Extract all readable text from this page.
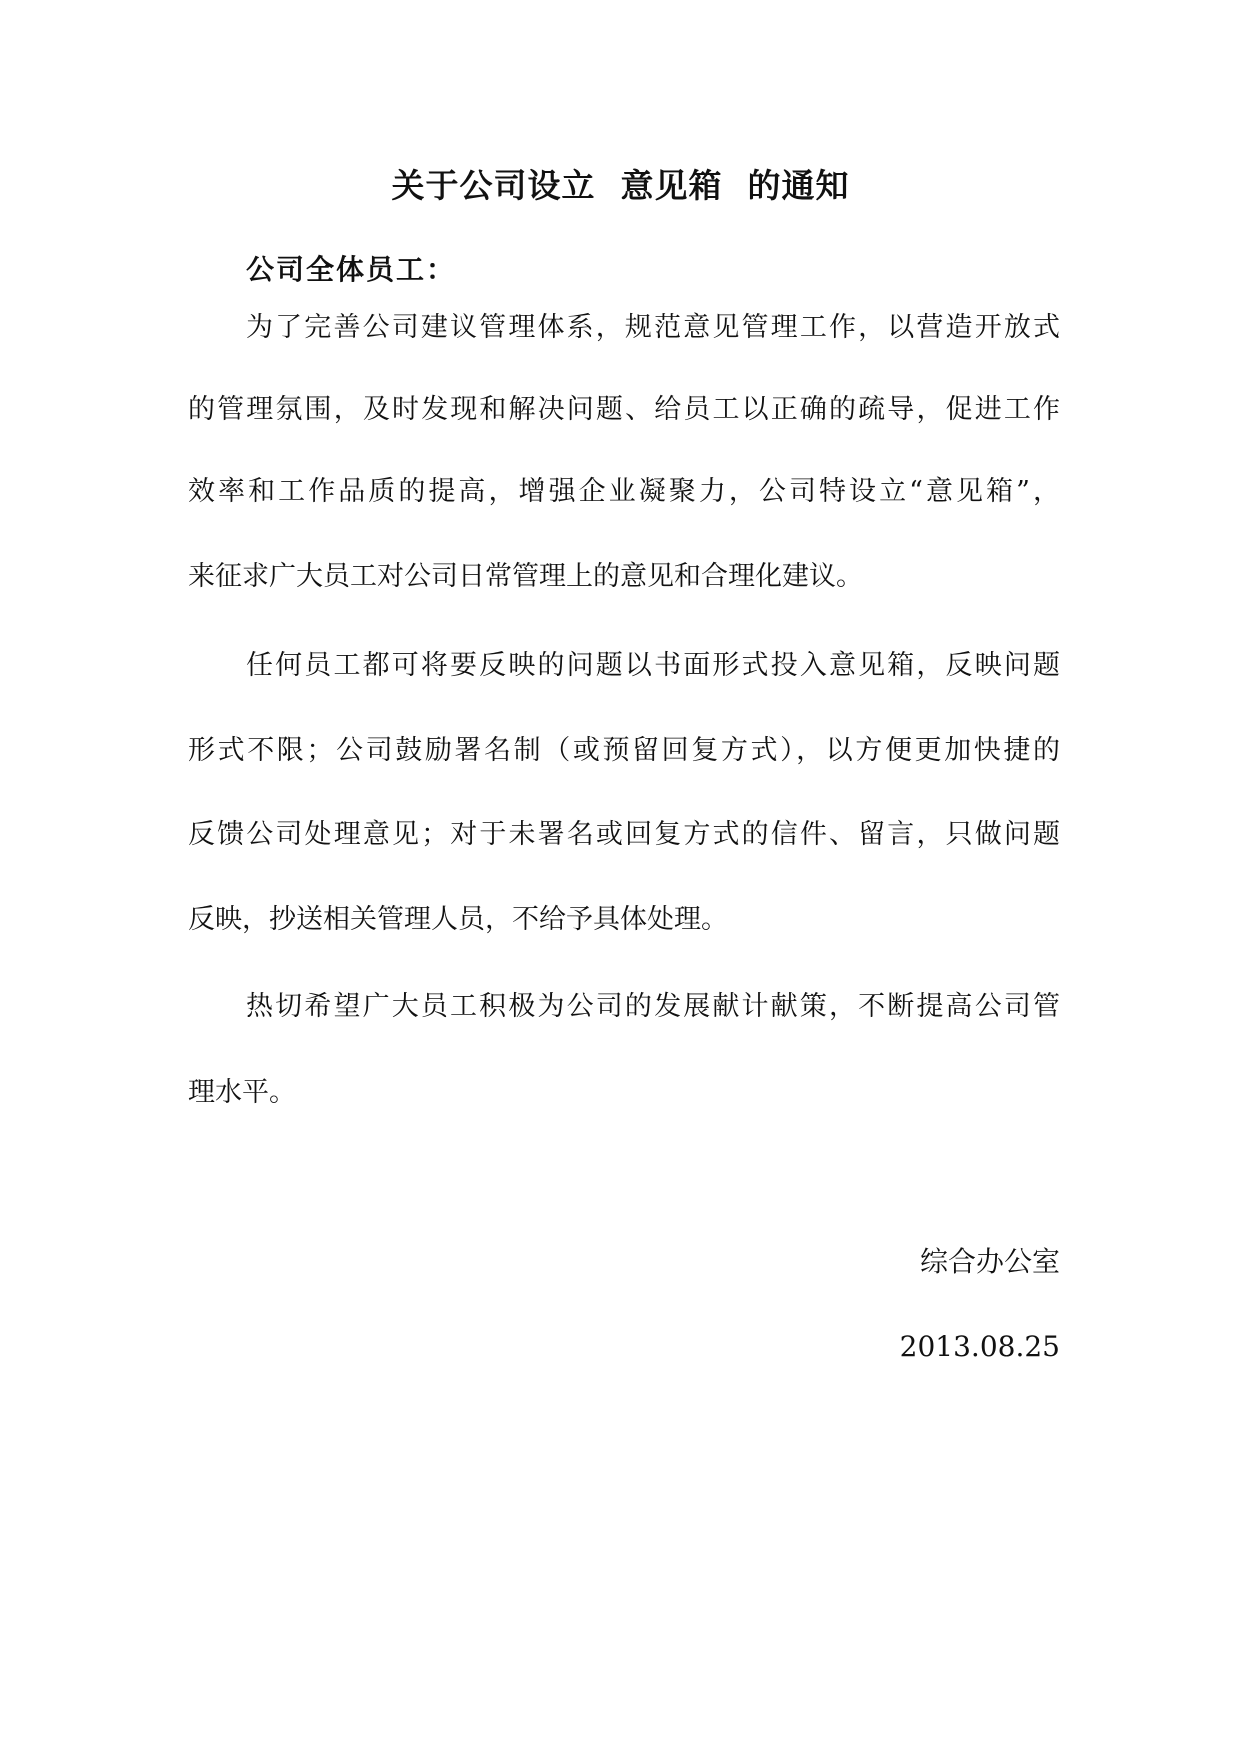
关于公司设立  意见箱  的通知
公司全体员工：
为了完善公司建议管理体系，规范意见管理工作，以营造开放式
的管理氛围，及时发现和解决问题、给员工以正确的疏导，促进工作
效率和工作品质的提高，增强企业凝聚力，公司特设立“意见箱”，
来征求广大员工对公司日常管理上的意见和合理化建议。
任何员工都可将要反映的问题以书面形式投入意见箱，反映问题
形式不限；公司鼓励署名制（或预留回复方式），以方便更加快捷的
反馈公司处理意见；对于未署名或回复方式的信件、留言，只做问题
反映，抄送相关管理人员，不给予具体处理。
热切希望广大员工积极为公司的发展献计献策，不断提高公司管
理水平。
综合办公室
2013.08.25
